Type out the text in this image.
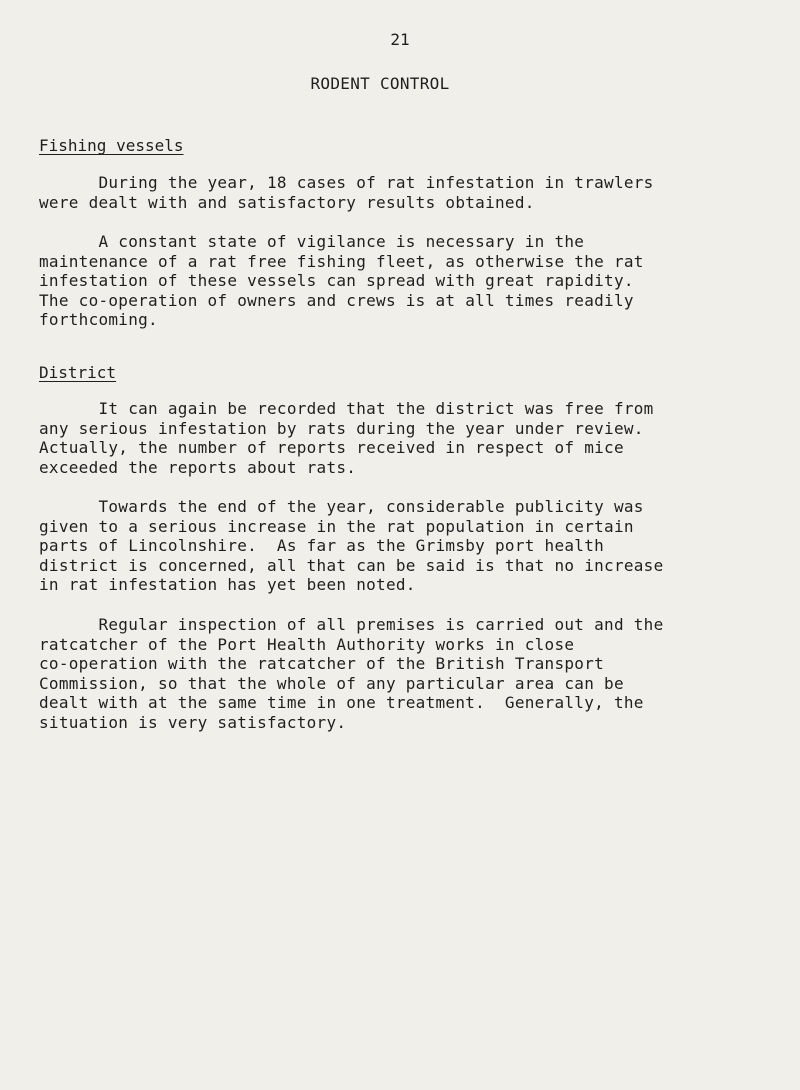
21
RODENT CONTROL
Fishing vessels

During the year, 18 cases of rat infestation in trawlers
were dealt with and satisfactory results obtained.

A constant state of vigilance is necessary in the
maintenance of a rat free fishing fleet, as otherwise the rat
infestation of these vessels can spread with great rapidity.
The co-operation of owners and crews is at all times readily
forthcoming.

District

It can again be recorded that the district was free from
any serious infestation by rats during the year under review.
Actually, the number of reports received in respect of mice
exceeded the reports about rats.

Towards the end of the year, considerable publicity was
given to a serious increase in the rat population in certain
parts of Lincolnshire.  As far as the Grimsby port health
district is concerned, all that can be said is that no increase
in rat infestation has yet been noted.

Regular inspection of all premises is carried out and the
ratcatcher of the Port Health Authority works in close
co-operation with the ratcatcher of the British Transport
Commission, so that the whole of any particular area can be
dealt with at the same time in one treatment.  Generally, the
situation is very satisfactory.
